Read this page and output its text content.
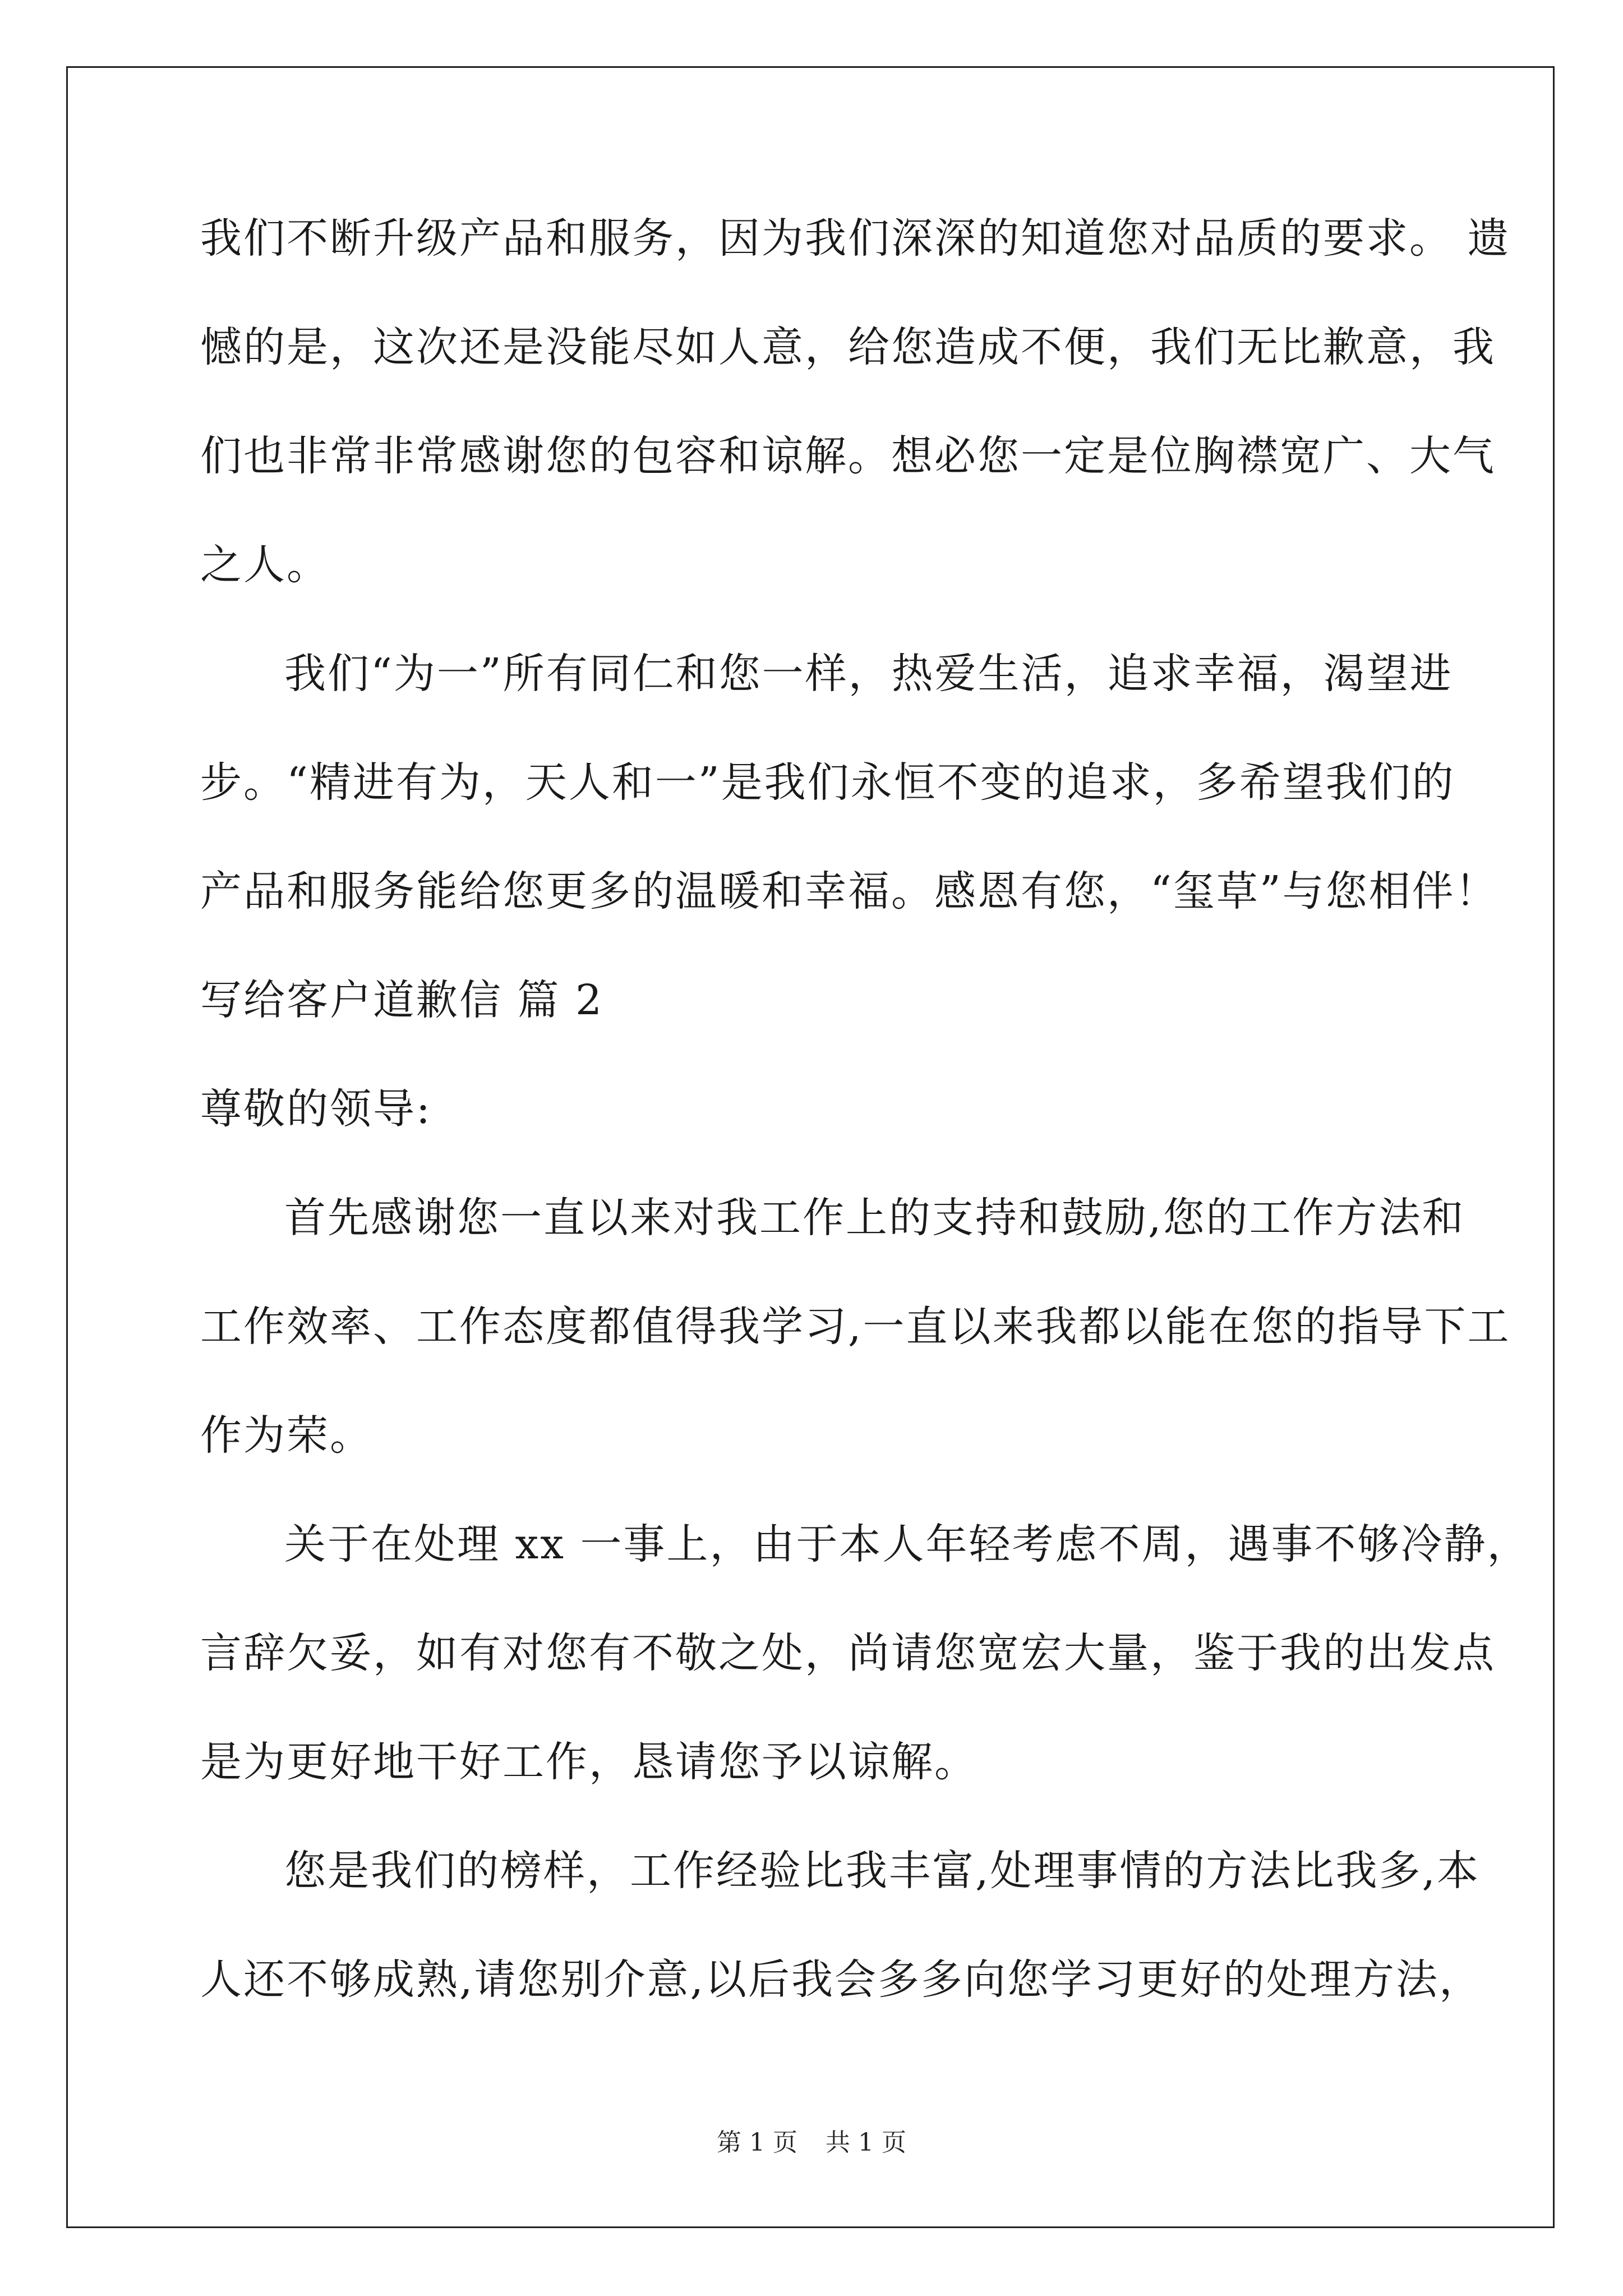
我们不断升级产品和服务，因为我们深深的知道您对品质的要求。 遗
憾的是，这次还是没能尽如人意，给您造成不便，我们无比歉意，我
们也非常非常感谢您的包容和谅解。想必您一定是位胸襟宽广、大气
之人。
我们“为一”所有同仁和您一样，热爱生活，追求幸福，渴望进
步。“精进有为，天人和一”是我们永恒不变的追求，多希望我们的
产品和服务能给您更多的温暖和幸福。感恩有您，“玺草”与您相伴！
写给客户道歉信 篇 2
尊敬的领导:
首先感谢您一直以来对我工作上的支持和鼓励,您的工作方法和
工作效率、工作态度都值得我学习,一直以来我都以能在您的指导下工
作为荣。
关于在处理 xx 一事上，由于本人年轻考虑不周，遇事不够冷静，
言辞欠妥，如有对您有不敬之处，尚请您宽宏大量，鉴于我的出发点
是为更好地干好工作，恳请您予以谅解。
您是我们的榜样，工作经验比我丰富,处理事情的方法比我多,本
人还不够成熟,请您别介意,以后我会多多向您学习更好的处理方法，
第 1 页 共 1 页
